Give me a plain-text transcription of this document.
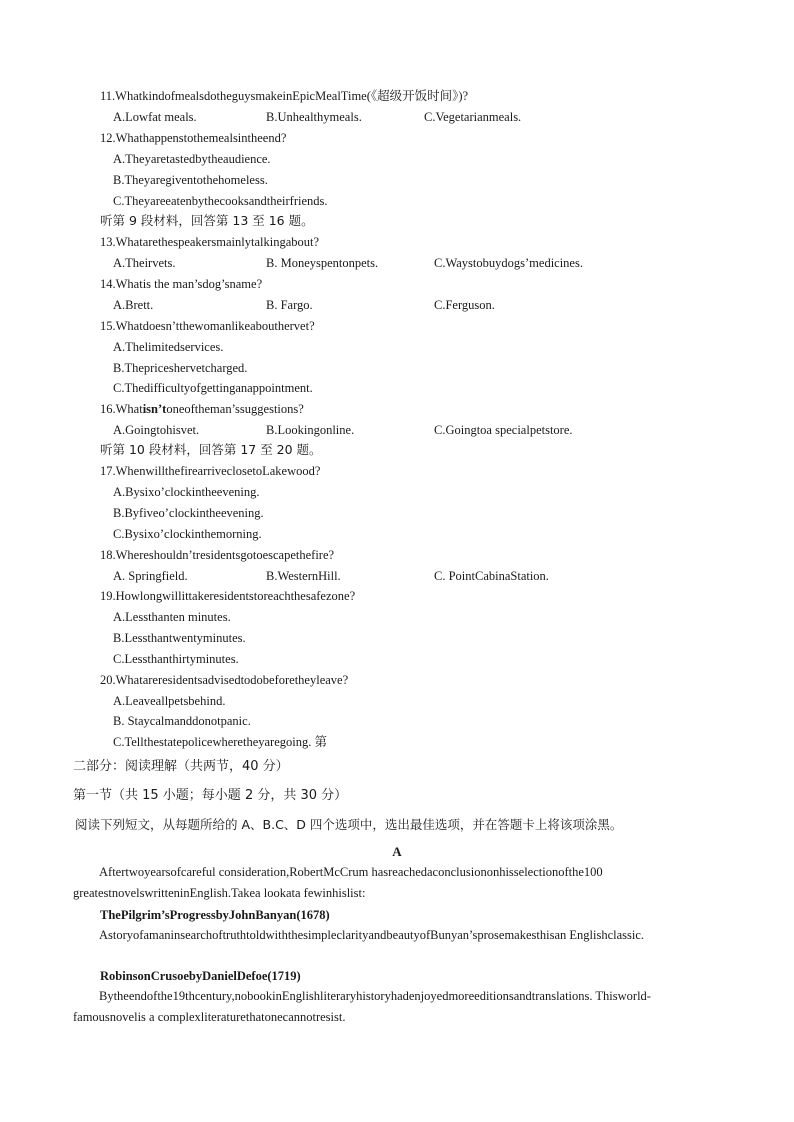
11.WhatkindofmealsdotheguysmakeinEpicMealTime(《超级开饭时间》)?
A.Lowfat meals.	B.Unhealthymeals.	C.Vegetarianmeals.
12.Whathappenstothemealsintheend?
A.Theyaretastedbytheaudience.
B.Theyaregiventothehomeless.
C.Theyareeatenbythecooksandtheirfriends.
听第 9 段材料，回答第 13 至 16 题。
13.Whatarethespeakersmainlytalkingabout?
A.Theirvets.	B. Moneyspentonpets.	C.Waystobuydogs’medicines.
14.Whatis the man’sdog’sname?
A.Brett.	B. Fargo.	C.Ferguson.
15.Whatdoesn’tthewomanlikeabouthervet?
A.Thelimitedservices.
B.Thepriceshervetcharged.
C.Thedifficultyofgettinganappointment.
16.Whatisn’toneoftheman’ssuggestions?
A.Goingtohisvet.	B.Lookingonline.	C.Goingtoa specialpetstore.
听第 10 段材料，回答第 17 至 20 题。
17.WhenwillthefirearriveclosetoLakewood?
A.Bysixo’clockintheevening.
B.Byfiveo’clockintheevening.
C.Bysixo’clockinthemorning.
18.Whereshouldn’tresidentsgotoescapethefire?
A. Springfield.	B.WesternHill.	C. PointCabinaStation.
19.Howlongwillittakeresidentstoreachthesafezone?
A.Lessthanten minutes.
B.Lessthantwentyminutes.
C.Lessthanthirtyminutes.
20.Whatareresidentsadvisedtodobeforetheyleave?
A.Leaveallpetsbehind.
B. Staycalmanddonotpanic.
C.Tellthestatepolicewheretheyaregoing. 第
二部分：阅读理解（共两节，40 分）
第一节（共 15 小题；每小题 2 分，共 30 分）
阅读下列短文，从每题所给的 A、B.C、D 四个选项中，选出最佳选项，并在答题卡上将该项涂黑。
A
Aftertwoyearsofcareful consideration,RobertMcCrum hasreachedaconclusiononhisselectionofthe100 greatestnovelswritteninEnglish.Takea lookata fewinhislist:
ThePilgrim’sProgressbyJohnBanyan(1678)
AstoryofamaninsearchoftruthtoldwiththesimpleclarityandbeautyofBunyan’sprosemakesthisan Englishclassic.
RobinsonCrusoebyDanielDefoe(1719)
Bytheendofthe19thcentury,nobookinEnglishliteraryhistoryhadenjoyedmoreeditionsandtranslations. Thisworld-famousnovelis a complexliteraturethatonecannotresist.
